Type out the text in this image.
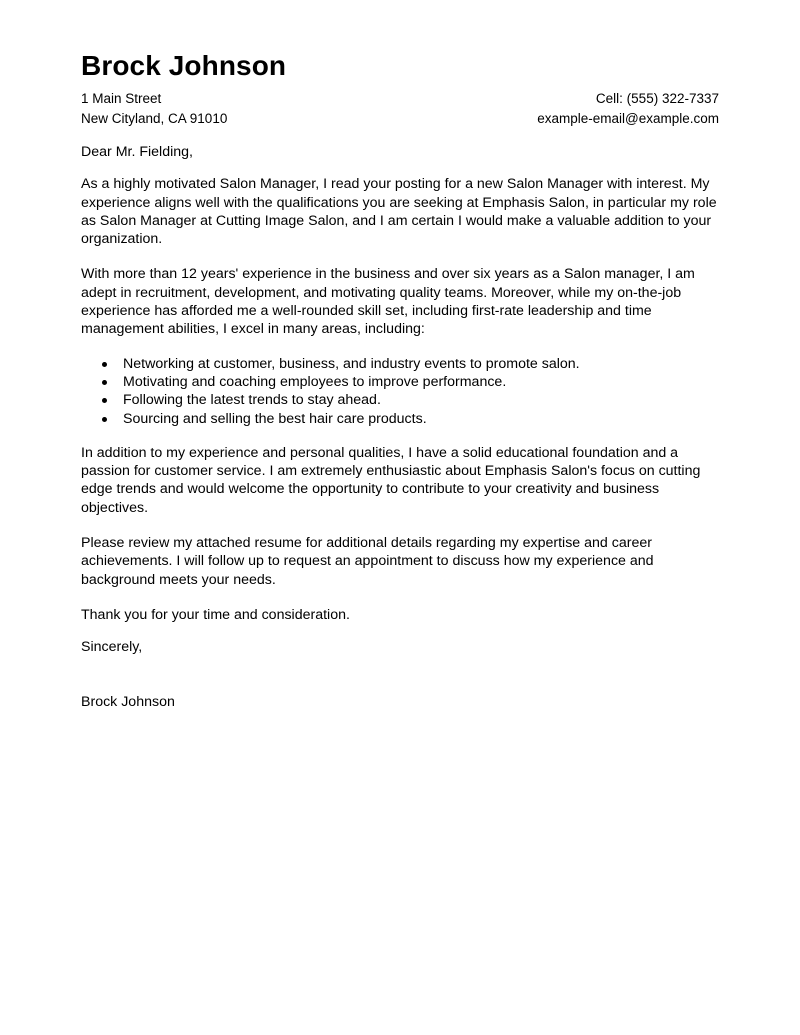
Brock Johnson
1 Main Street	Cell: (555) 322-7337
New Cityland, CA 91010	example-email@example.com

Dear Mr. Fielding,

As a highly motivated Salon Manager, I read your posting for a new Salon Manager with interest. My experience aligns well with the qualifications you are seeking at Emphasis Salon, in particular my role as Salon Manager at Cutting Image Salon, and I am certain I would make a valuable addition to your organization.

With more than 12 years' experience in the business and over six years as a Salon manager, I am adept in recruitment, development, and motivating quality teams. Moreover, while my on-the-job experience has afforded me a well-rounded skill set, including first-rate leadership and time management abilities, I excel in many areas, including:

Networking at customer, business, and industry events to promote salon.
Motivating and coaching employees to improve performance.
Following the latest trends to stay ahead.
Sourcing and selling the best hair care products.

In addition to my experience and personal qualities, I have a solid educational foundation and a passion for customer service. I am extremely enthusiastic about Emphasis Salon's focus on cutting edge trends and would welcome the opportunity to contribute to your creativity and business objectives.

Please review my attached resume for additional details regarding my expertise and career achievements. I will follow up to request an appointment to discuss how my experience and background meets your needs.

Thank you for your time and consideration.

Sincerely,

Brock Johnson
